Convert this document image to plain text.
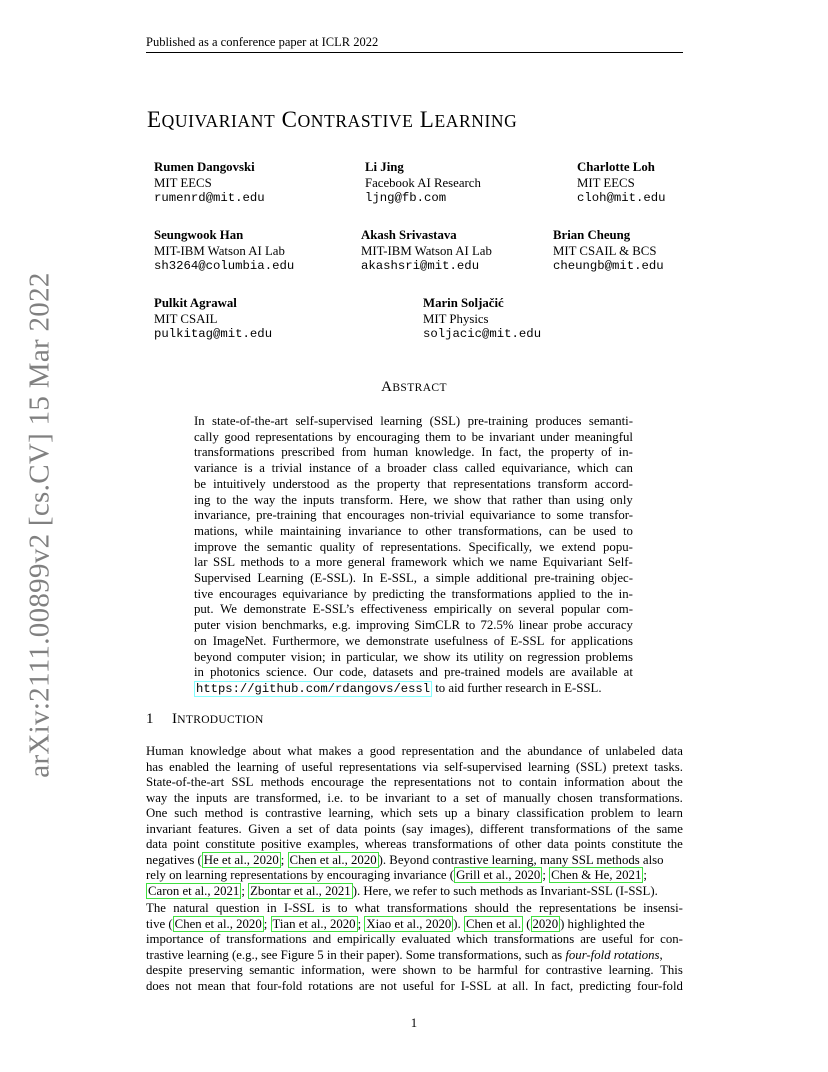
Published as a conference paper at ICLR 2022
arXiv:2111.00899v2 [cs.CV] 15 Mar 2022
EQUIVARIANT CONTRASTIVE LEARNING
Rumen Dangovski
MIT EECS
rumenrd@mit.edu
Li Jing
Facebook AI Research
ljng@fb.com
Charlotte Loh
MIT EECS
cloh@mit.edu
Seungwook Han
MIT-IBM Watson AI Lab
sh3264@columbia.edu
Akash Srivastava
MIT-IBM Watson AI Lab
akashsri@mit.edu
Brian Cheung
MIT CSAIL & BCS
cheungb@mit.edu
Pulkit Agrawal
MIT CSAIL
pulkitag@mit.edu
Marin Soljačić
MIT Physics
soljacic@mit.edu
ABSTRACT
In state-of-the-art self-supervised learning (SSL) pre-training produces semanti-
cally good representations by encouraging them to be invariant under meaningful
transformations prescribed from human knowledge. In fact, the property of in-
variance is a trivial instance of a broader class called equivariance, which can
be intuitively understood as the property that representations transform accord-
ing to the way the inputs transform. Here, we show that rather than using only
invariance, pre-training that encourages non-trivial equivariance to some transfor-
mations, while maintaining invariance to other transformations, can be used to
improve the semantic quality of representations. Specifically, we extend popu-
lar SSL methods to a more general framework which we name Equivariant Self-
Supervised Learning (E-SSL). In E-SSL, a simple additional pre-training objec-
tive encourages equivariance by predicting the transformations applied to the in-
put. We demonstrate E-SSL’s effectiveness empirically on several popular com-
puter vision benchmarks, e.g. improving SimCLR to 72.5% linear probe accuracy
on ImageNet. Furthermore, we demonstrate usefulness of E-SSL for applications
beyond computer vision; in particular, we show its utility on regression problems
in photonics science. Our code, datasets and pre-trained models are available at
https://github.com/rdangovs/essl to aid further research in E-SSL.
1 INTRODUCTION
Human knowledge about what makes a good representation and the abundance of unlabeled data
has enabled the learning of useful representations via self-supervised learning (SSL) pretext tasks.
State-of-the-art SSL methods encourage the representations not to contain information about the
way the inputs are transformed, i.e. to be invariant to a set of manually chosen transformations.
One such method is contrastive learning, which sets up a binary classification problem to learn
invariant features. Given a set of data points (say images), different transformations of the same
data point constitute positive examples, whereas transformations of other data points constitute the
negatives ( He et al., 2020 ; Chen et al., 2020 ). Beyond contrastive learning, many SSL methods also
rely on learning representations by encouraging invariance ( Grill et al., 2020 ; Chen & He, 2021 ;
Caron et al., 2021 ; Zbontar et al., 2021 ). Here, we refer to such methods as Invariant-SSL (I-SSL).
The natural question in I-SSL is to what transformations should the representations be insensi-
tive ( Chen et al., 2020 ; Tian et al., 2020 ; Xiao et al., 2020 ). Chen et al. ( 2020 ) highlighted the
importance of transformations and empirically evaluated which transformations are useful for con-
trastive learning (e.g., see Figure 5 in their paper). Some transformations, such as four-fold rotations,
despite preserving semantic information, were shown to be harmful for contrastive learning. This
does not mean that four-fold rotations are not useful for I-SSL at all. In fact, predicting four-fold
1
